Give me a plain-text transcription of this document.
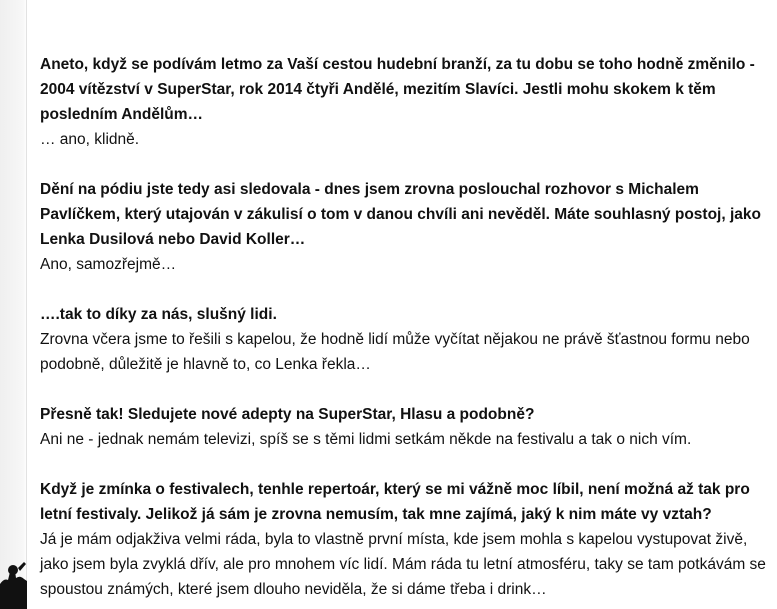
Aneto, když se podívám letmo za Vaší cestou hudební branží, za tu dobu se toho hodně změnilo - 2004 vítězství v SuperStar, rok 2014 čtyři Andělé, mezitím Slavíci. Jestli mohu skokem k těm posledním Andělům…

… ano, klidně.

Dění na pódiu jste tedy asi sledovala - dnes jsem zrovna poslouchal rozhovor s Michalem Pavlíčkem, který utajován v zákulisí o tom v danou chvíli ani nevěděl. Máte souhlasný postoj, jako Lenka Dusilová nebo David Koller…

Ano, samozřejmě…

….tak to díky za nás, slušný lidi.

Zrovna včera jsme to řešili s kapelou, že hodně lidí může vyčítat nějakou ne právě šťastnou formu nebo podobně, důležitě je hlavně to, co Lenka řekla…

Přesně tak! Sledujete nové adepty na SuperStar, Hlasu a podobně?

Ani ne - jednak nemám televizi, spíš se s těmi lidmi setkám někde na festivalu a tak o nich vím.

Když je zmínka o festivalech, tenhle repertoár, který se mi vážně moc líbil, není možná až tak pro letní festivaly. Jelikož já sám je zrovna nemusím, tak mne zajímá, jaký k nim máte vy vztah?

Já je mám odjakživa velmi ráda, byla to vlastně první místa, kde jsem mohla s kapelou vystupovat živě, jako jsem byla zvyklá dřív, ale pro mnohem víc lidí. Mám ráda tu letní atmosféru, taky se tam potkávám se spoustou známých, které jsem dlouho neviděla, že si dáme třeba i drink…
